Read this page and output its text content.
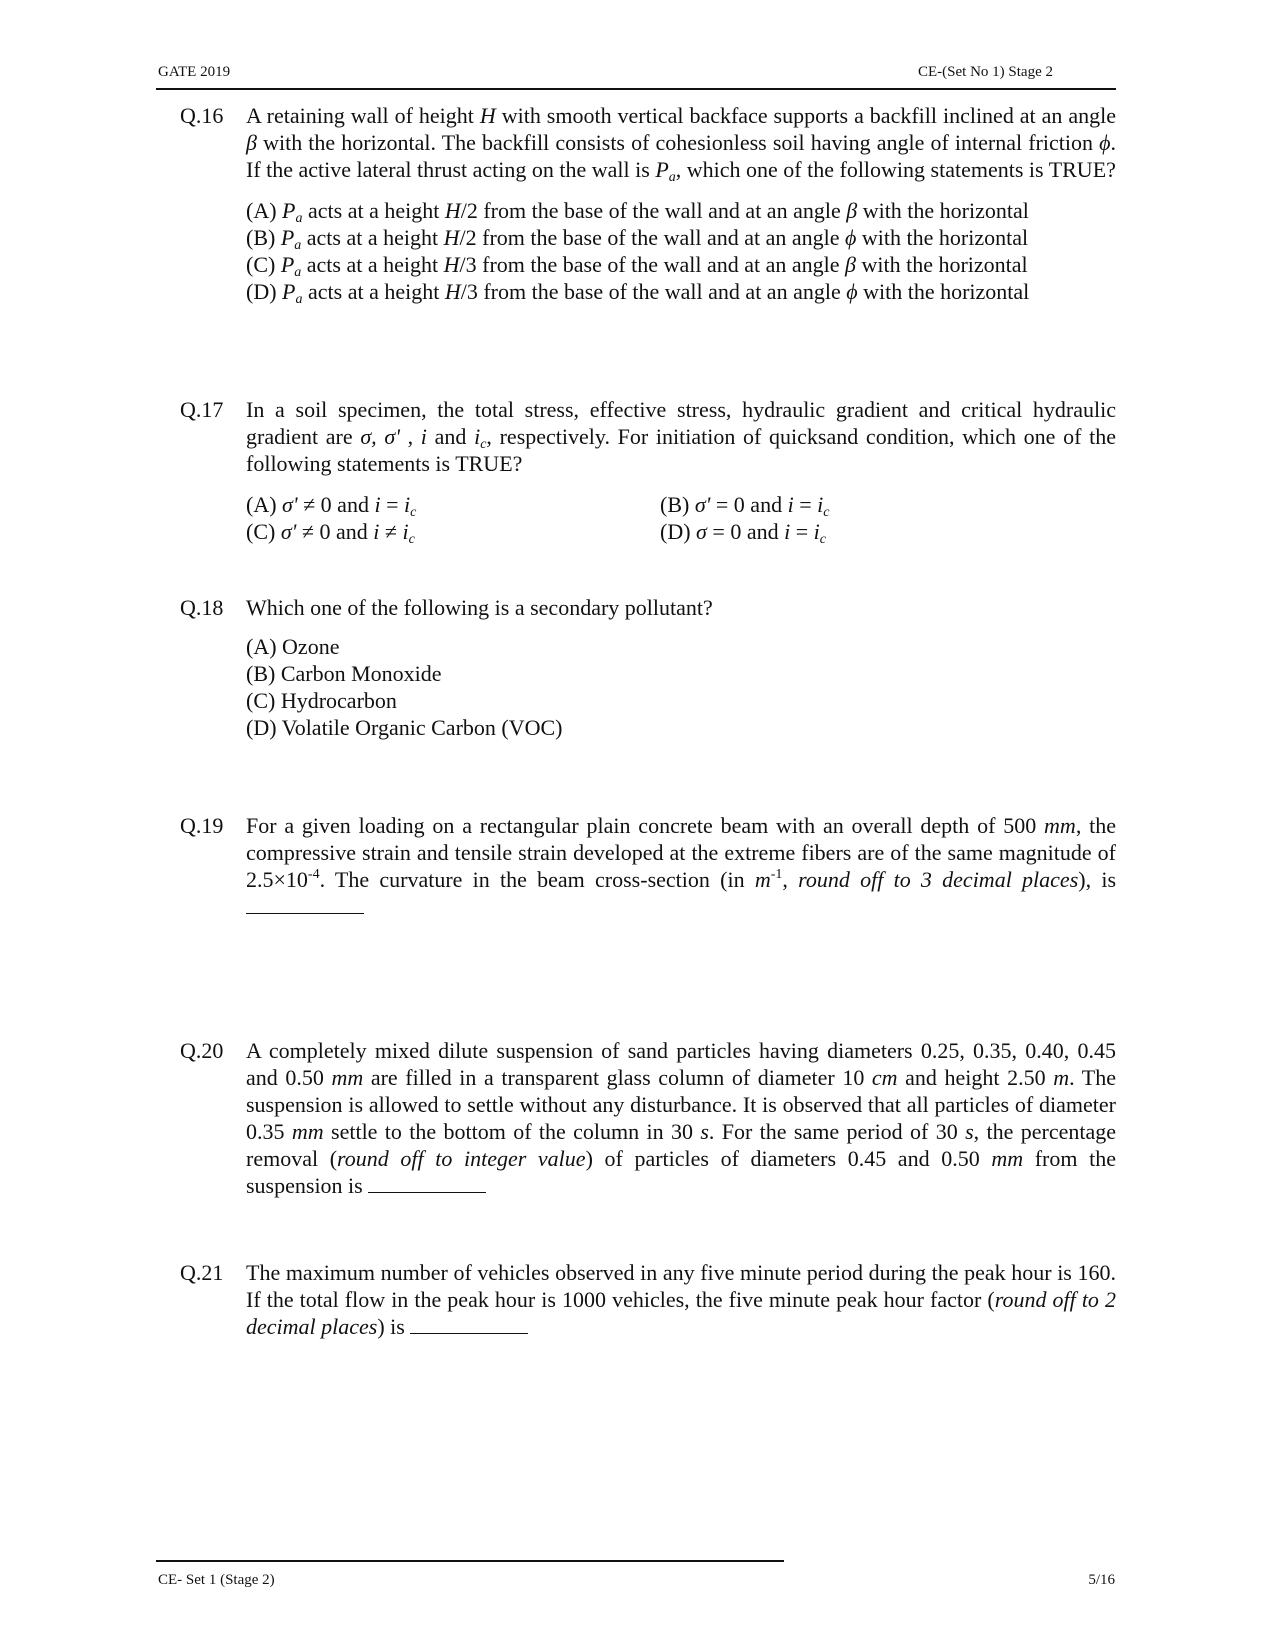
GATE 2019	CE-(Set No 1) Stage 2
Q.16	A retaining wall of height H with smooth vertical backface supports a backfill inclined at an angle β with the horizontal. The backfill consists of cohesionless soil having angle of internal friction ϕ. If the active lateral thrust acting on the wall is $P_a$, which one of the following statements is TRUE?
(A) $P_a$ acts at a height H/2 from the base of the wall and at an angle β with the horizontal
(B) $P_a$ acts at a height H/2 from the base of the wall and at an angle ϕ with the horizontal
(C) $P_a$ acts at a height H/3 from the base of the wall and at an angle β with the horizontal
(D) $P_a$ acts at a height H/3 from the base of the wall and at an angle ϕ with the horizontal
Q.17	In a soil specimen, the total stress, effective stress, hydraulic gradient and critical hydraulic gradient are σ, σ' , i and $i_c$, respectively. For initiation of quicksand condition, which one of the following statements is TRUE?
(A) σ' ≠ 0 and $i = i_c$	(B) σ' = 0 and $i = i_c$
(C) σ' ≠ 0 and $i \ne i_c$	(D) σ = 0 and $i = i_c$
Q.18	Which one of the following is a secondary pollutant?
(A) Ozone
(B) Carbon Monoxide
(C) Hydrocarbon
(D) Volatile Organic Carbon (VOC)
Q.19	For a given loading on a rectangular plain concrete beam with an overall depth of 500 mm, the compressive strain and tensile strain developed at the extreme fibers are of the same magnitude of $2.5\times 10^{-4}$. The curvature in the beam cross-section (in $m^{-1}$, round off to 3 decimal places), is
Q.20	A completely mixed dilute suspension of sand particles having diameters 0.25, 0.35, 0.40, 0.45 and 0.50 mm are filled in a transparent glass column of diameter 10 cm and height 2.50 m. The suspension is allowed to settle without any disturbance. It is observed that all particles of diameter 0.35 mm settle to the bottom of the column in 30 s. For the same period of 30 s, the percentage removal (round off to integer value) of particles of diameters 0.45 and 0.50 mm from the suspension is
Q.21	The maximum number of vehicles observed in any five minute period during the peak hour is 160. If the total flow in the peak hour is 1000 vehicles, the five minute peak hour factor (round off to 2 decimal places) is
CE- Set 1 (Stage 2)	5/16
